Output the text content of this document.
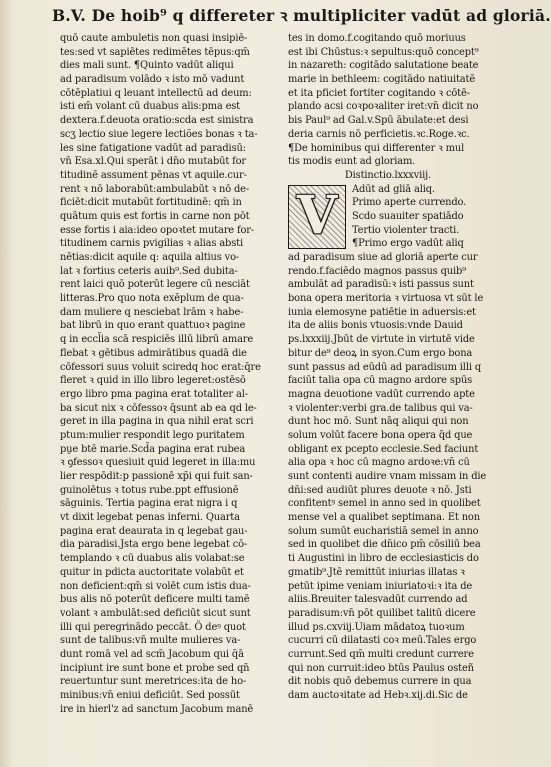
B.V. De hoib⁹ q differeter ꝛ multipliciter vadūt ad gloriā.
quō caute ambuletis non quasi insipiē-
tes:sed vt sapiētes redimētes tēpus:qm̄
dies mali sunt. ¶Quinto vadūt aliqui
ad paradisum volādo ꝛ isto mō vadunt
cōtēplatiui q leuant intellectū ad deum:
isti em̄ volant cū duabus alis:pma est
dextera.f.deuota oratio:scda est sinistra
scʒ lectio siue legere lectiões bonas ꝛ ta-
les sine fatigatione vadūt ad paradisū:
vn̄ Esa.xl.Qui sperāt i dn̄o mutabūt for
titudinē assument pēnas vt aquile.cur-
rent ꝛ nō laborabūt:ambulabūt ꝛ nō de-
ficiēt:dicit mutabūt fortitudinē: qm̄ in
quātum quis est fortis in carne non pōt
esse fortis i aia:ideo opoꝛtet mutare for-
titudinem carnis pvigilias ꝛ alias absti
nētias:dicit aquile q: aquila altius vo-
lat ꝛ fortius ceteris auib⁹.Sed dubita-
rent laici quō poterūt legere cū nesciāt
litteras.Pro quo nota exēplum de qua-
dam muliere q nesciebat lrām ꝛ habe-
bat librū in quo erant quattuoꝛ pagine
q in eccl̄ia scā respiciēs illū librū amare
flebat ꝛ gētibus admirātibus quadā die
cōfessori suus voluit sciredq hoc erat:q̄re
fleret ꝛ quid in illo libro legeret:ostēsō
ergo libro pma pagina erat totaliter al-
ba sicut nix ꝛ cōfessoꝛ q̄sunt ab ea qd le-
geret in illa pagina in qua nihil erat scri
ptum:mulier respondit lego puritatem
pu̱e btē marie.Scd̄a pagina erat rubea
ꝛ ꝯfessoꝛ quesiuit quid legeret in illa:mu
lier respōdit:p passionē xp̄i qui fuit san-
guinolētus ꝛ totus rube.ppt effusionē
sāguinis. Tertia pagina erat nigra i q
vt dixit legebat penas inferni. Quarta
pagina erat deaurata in q legebat gau-
dia paradisi.Jsta ergo bene legebat cō-
templando ꝛ cū duabus alis volabat:se
quitur in pdicta auctoritate volabūt et
non deficient:qm̄ si volēt cum istis dua-
bus alis nō poterūt deficere multi tamē
volant ꝛ ambulāt:sed deficiūt sicut sunt
illi qui peregrinādo peccāt. Ö deꝰ quot
sunt de talibus:vn̄ multe mulieres va-
dunt romā vel ad scm̄ Jacobum qui q̄ā
incipiunt ire sunt bone et probe sed qn̄
reuertuntur sunt meretrices:ita de ho-
minibus:vn̄ eniui deficiūt. Sed possūt
ire in hierl'z ad sanctum Jacobum manē
tes in domo.f.cogitando quō moriuus
est ibi Chūstus:ꝛ sepultus:quō concept⁹
in nazareth: cogitādo salutatione beate
marie in bethleem: cogitādo natiuitatē
et ita pficiet fortiter cogitando ꝛ cōtē-
plando acsi coꝛpoꝛaliter iret:vn̄ dicit no
bis Paul⁹ ad Gal.v.Spū ābulate:et desi
deria carnis nō perficietis.ꝛc.Roge.ꝛc.
¶De hominibus qui differenter ꝛ mul
tis modis eunt ad gloriam.
Distinctio.lxxxviij.
V	Adūt ad gliā aliq.
Primo aperte currendo.
Scdo suauiter spatiādo
Tertio violenter tracti.
¶Primo ergo vadūt aliq
ad paradisum siue ad gloriā aperte cur
rendo.f.faciēdo magnos passus quib⁹
ambulāt ad paradisū:ꝛ isti passus sunt
bona opera meritoria ꝛ virtuosa vt sūt le
iunia elemosyne patiētie in aduersis:et
ita de aliis bonis vtuosis:vnde Dauid
ps.lxxxiij.Jbūt de virtute in virtutē vide
bitur de⁹ deoꝝ in syon.Cum ergo bona
sunt passus ad eūdū ad paradisum illi q
faciūt talia opa cū magno ardore spūs
magna deuotione vadūt currendo apte
ꝛ violenter:verbi gra.de talibus qui va-
dunt hoc mō. Sunt nāq aliqui qui non
solum volūt facere bona opera q̄d que
obligant ex pcepto ecclesie.Sed faciunt
alia opa ꝛ hoc cū magno ardoꝛe:vn̄ cū
sunt contenti audire vnam missam in die
dn̄i:sed audiūt plures deuote ꝛ nō. Jsti
confitentꝰ semel in anno sed in quolibet
mense vel a qualibet septimana. Et non
solum sumūt eucharistiā semel in anno
sed in quolibet die dn̄ico pm̄ cōsiliū bea
ti Augustini in libro de ecclesiasticis do
gmatib⁹.Jtē remittūt iniurias illatas ꝛ
petūt ipime veniam iniuriatoꝛi:ꝛ ita de
aliis.Breuiter talesvadūt currendo ad
paradisum:vn̄ pōt quilibet talitū dicere
illud ps.cxviij.Uiam mādatoꝝ tuoꝛum
cucurri cū dilatasti coꝛ meū.Tales ergo
currunt.Sed qm̄ multi credunt currere
qui non curruit:ideo btūs Paulus osteñ
dit nobis quō debemus currere in qua
dam auctoꝛitate ad Hebꝛ.xij.di.Sic de
